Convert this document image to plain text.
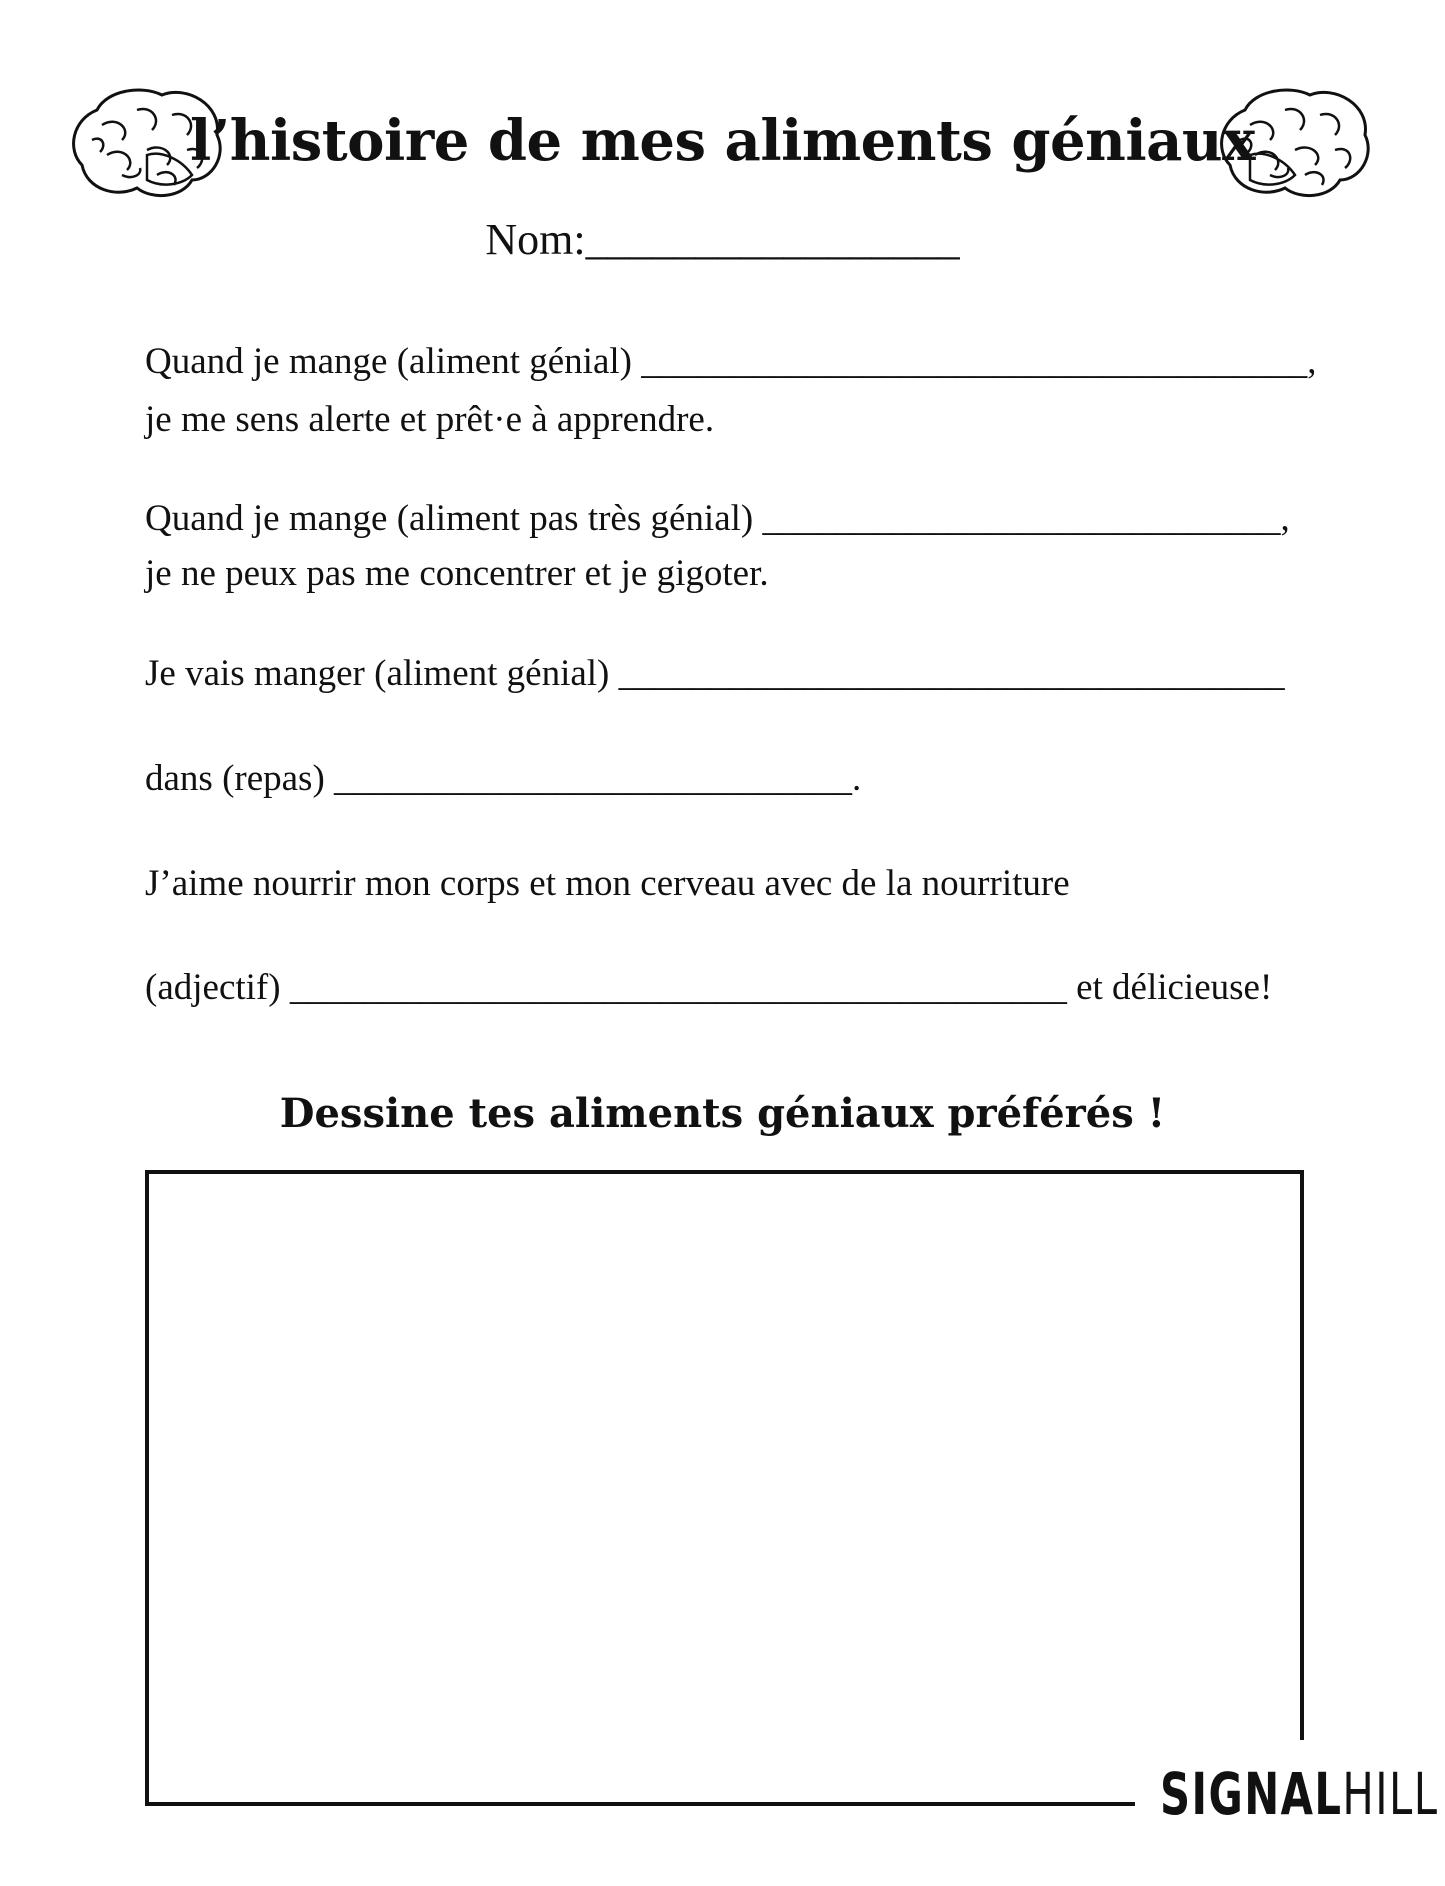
l’histoire de mes aliments géniaux
Nom:_________________
Quand je mange (aliment génial) ____________________________________,
je me sens alerte et prêt·e à apprendre.
Quand je mange (aliment pas très génial) ____________________________,
je ne peux pas me concentrer et je gigoter.
Je vais manger (aliment génial) ____________________________________
dans (repas) ____________________________.
J’aime nourrir mon corps et mon cerveau avec de la nourriture
(adjectif) __________________________________________ et délicieuse!
Dessine tes aliments géniaux préférés !
SIGNALHILL
